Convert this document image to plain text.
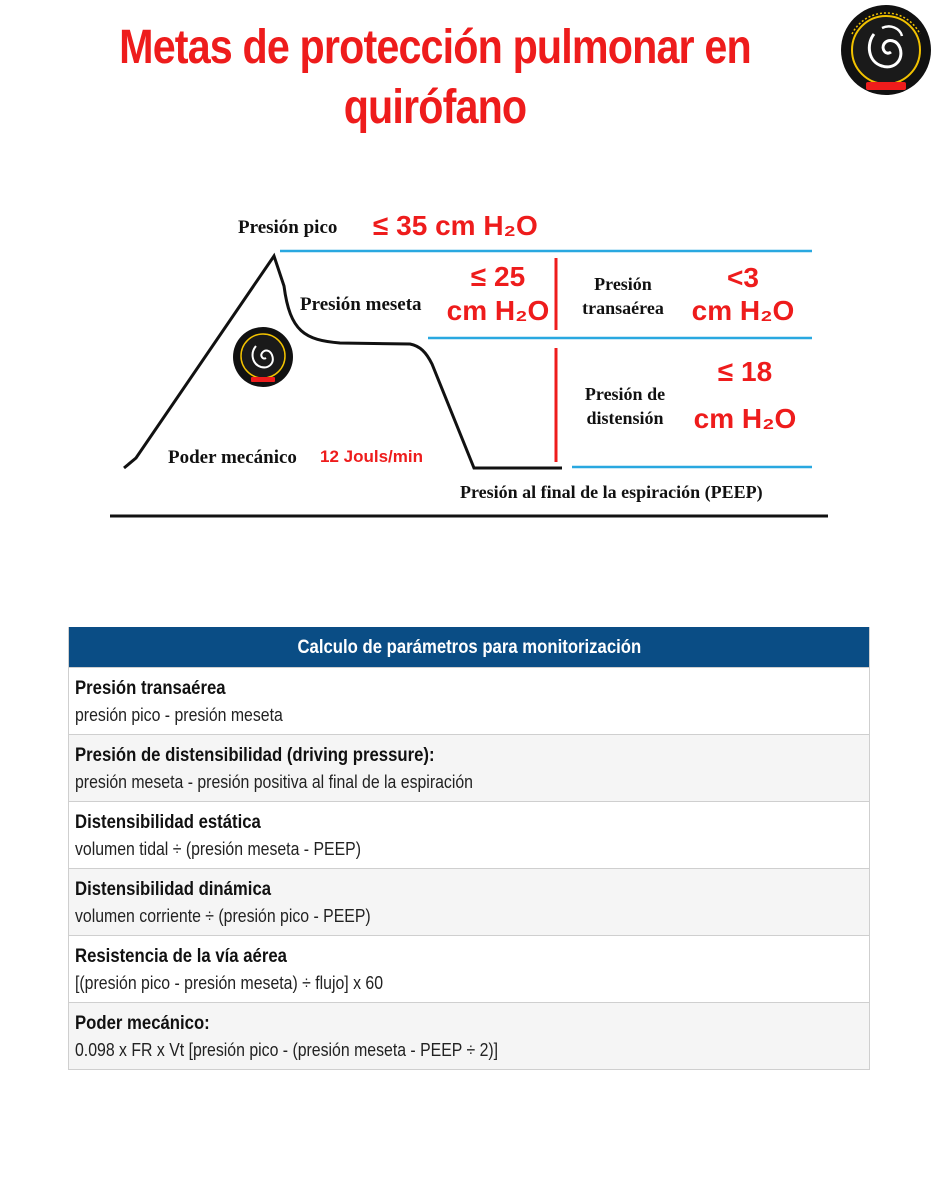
Metas de protección pulmonar en quirófano
Presión pico ≤ 35 cm H₂O
Presión meseta
≤ 25
cm H₂O
Presión
transaérea
<3
cm H₂O
Presión de
distensión
≤ 18
cm H₂O
Poder mecánico 12 Jouls/min
Presión al final de la espiración (PEEP)
Calculo de parámetros para monitorización
Presión transaérea
presión pico - presión meseta
Presión de distensibilidad (driving pressure):
presión meseta - presión positiva al final de la espiración
Distensibilidad estática
volumen tidal ÷ (presión meseta - PEEP)
Distensibilidad dinámica
volumen corriente ÷ (presión pico - PEEP)
Resistencia de la vía aérea
[(presión pico - presión meseta) ÷ flujo] x 60
Poder mecánico:
0.098 x FR x Vt [presión pico - (presión meseta - PEEP ÷ 2)]
